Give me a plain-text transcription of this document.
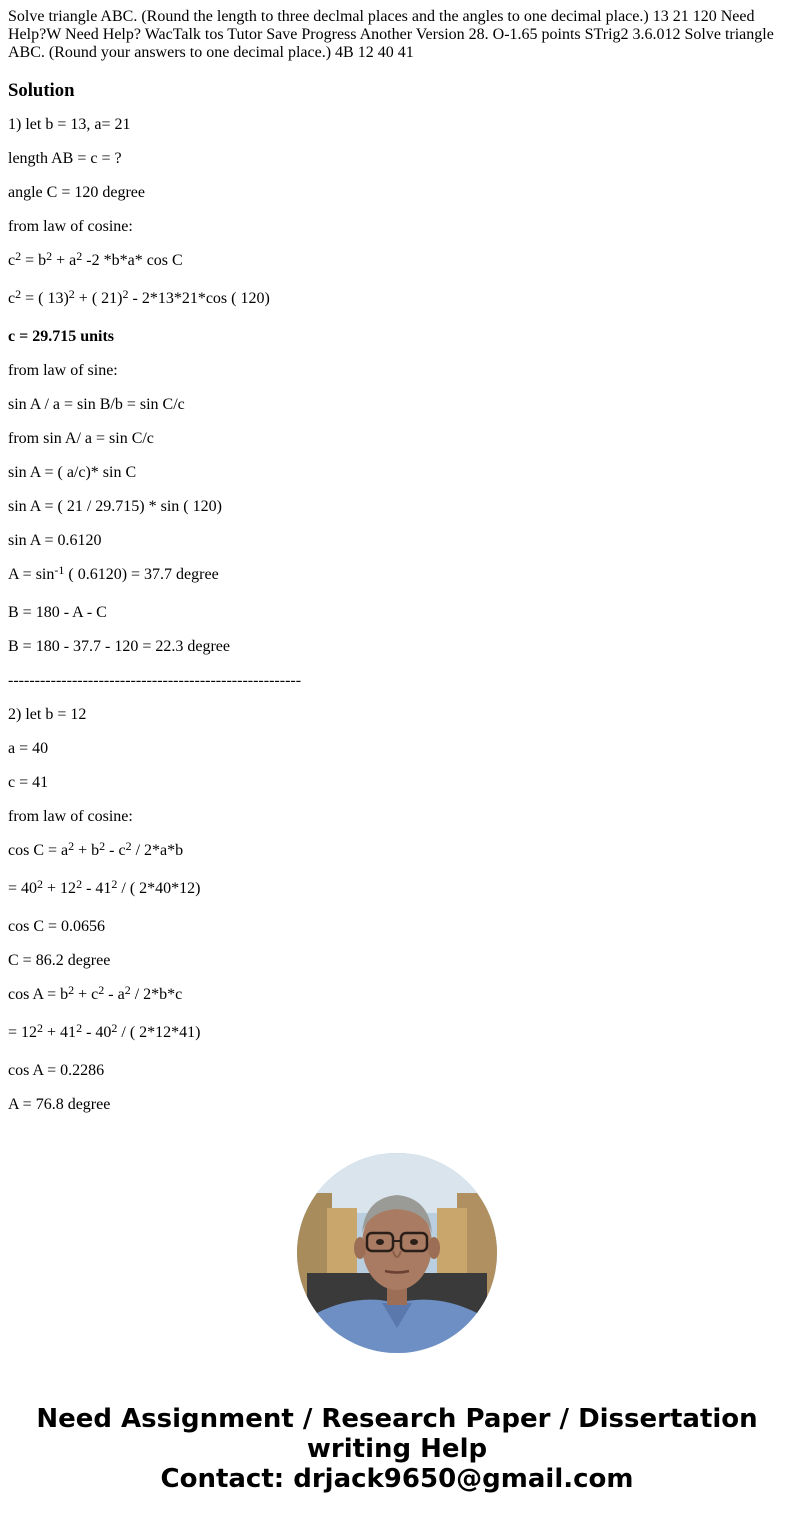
Solve triangle ABC. (Round the length to three declmal places and the angles to one decimal place.) 13 21 120 Need Help?W Need Help? WacTalk tos Tutor Save Progress Another Version 28. O-1.65 points STrig2 3.6.012 Solve triangle ABC. (Round your answers to one decimal place.) 4B 12 40 41
Solution
1) let b = 13, a= 21
length AB = c = ?
angle C = 120 degree
from law of cosine:
$c^2 = b^2 + a^2$ -2 *b*a* cos C
$c^2$ = ( 13)$^2$ + ( 21)$^2$ - 2*13*21*cos ( 120)
c = 29.715 units
from law of sine:
sin A / a = sin B/b = sin C/c
from sin A/ a = sin C/c
sin A = ( a/c)* sin C
sin A = ( 21 / 29.715) * sin ( 120)
sin A = 0.6120
$A = \sin^{-1}$ ( 0.6120) = 37.7 degree
B = 180 - A - C
B = 180 - 37.7 - 120 = 22.3 degree
-------------------------------------------------------
2) let b = 12
a = 40
c = 41
from law of cosine:
$\cos C = a^2 + b^2 - c^2 / 2*a*b$
= $40^2 + 12^2 - 41^2$ / ( 2*40*12)
cos C = 0.0656
C = 86.2 degree
$\cos A = b^2 + c^2 - a^2 / 2*b*c$
= $12^2 + 41^2 - 40^2$ / ( 2*12*41)
cos A = 0.2286
A = 76.8 degree
Need Assignment / Research Paper / Dissertation
writing Help
Contact: drjack9650@gmail.com
